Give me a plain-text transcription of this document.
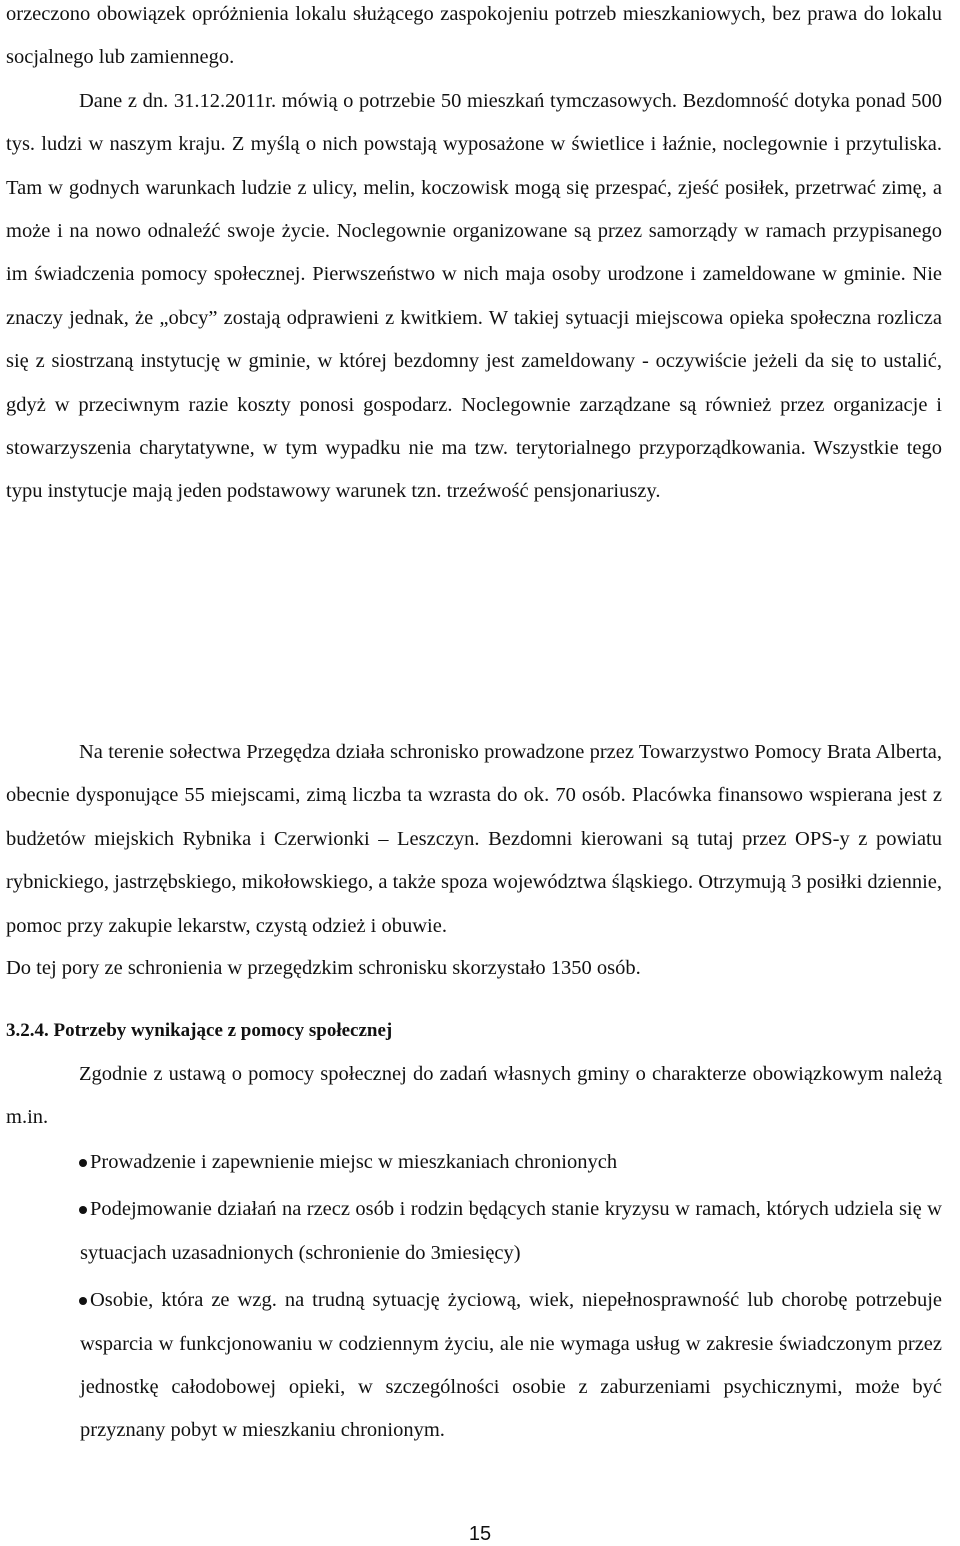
orzeczono obowiązek opróżnienia lokalu służącego zaspokojeniu potrzeb mieszkaniowych, bez prawa do lokalu socjalnego lub zamiennego.

Dane z dn. 31.12.2011r. mówią o potrzebie 50 mieszkań tymczasowych. Bezdomność dotyka ponad 500 tys. ludzi w naszym kraju. Z myślą o nich powstają wyposażone w świetlice i łaźnie, noclegownie i przytuliska. Tam w godnych warunkach ludzie z ulicy, melin, koczowisk mogą się przespać, zjeść posiłek, przetrwać zimę, a może i na nowo odnaleźć swoje życie. Noclegownie organizowane są przez samorządy w ramach przypisanego im świadczenia pomocy społecznej. Pierwszeństwo w nich maja osoby urodzone i zameldowane w gminie. Nie znaczy jednak, że „obcy” zostają odprawieni z kwitkiem. W takiej sytuacji miejscowa opieka społeczna rozlicza się z siostrzaną instytucję w gminie, w której bezdomny jest zameldowany - oczywiście jeżeli da się to ustalić, gdyż w przeciwnym razie koszty ponosi gospodarz. Noclegownie zarządzane są również przez organizacje i stowarzyszenia charytatywne, w tym wypadku nie ma tzw. terytorialnego przyporządkowania. Wszystkie tego typu instytucje mają jeden podstawowy warunek tzn. trzeźwość pensjonariuszy.

Na terenie sołectwa Przegędza działa schronisko prowadzone przez Towarzystwo Pomocy Brata Alberta, obecnie dysponujące 55 miejscami, zimą liczba ta wzrasta do ok. 70 osób. Placówka finansowo wspierana jest z budżetów miejskich Rybnika i Czerwionki – Leszczyn. Bezdomni kierowani są tutaj przez OPS-y z powiatu rybnickiego, jastrzębskiego, mikołowskiego, a także spoza województwa śląskiego. Otrzymują 3 posiłki dziennie, pomoc przy zakupie lekarstw, czystą odzież i obuwie.

Do tej pory ze schronienia w przegędzkim schronisku skorzystało 1350 osób.

3.2.4. Potrzeby wynikające z pomocy społecznej

Zgodnie z ustawą o pomocy społecznej do zadań własnych gminy o charakterze obowiązkowym należą m.in.

Prowadzenie i zapewnienie miejsc w mieszkaniach chronionych
Podejmowanie działań na rzecz osób i rodzin będących stanie kryzysu w ramach, których udziela się w sytuacjach uzasadnionych (schronienie do 3miesięcy)
Osobie, która ze wzg. na trudną sytuację życiową, wiek, niepełnosprawność lub chorobę potrzebuje wsparcia w funkcjonowaniu w codziennym życiu, ale nie wymaga usług w zakresie świadczonym przez jednostkę całodobowej opieki, w szczególności osobie z zaburzeniami psychicznymi, może być przyznany pobyt w mieszkaniu chronionym.
15
